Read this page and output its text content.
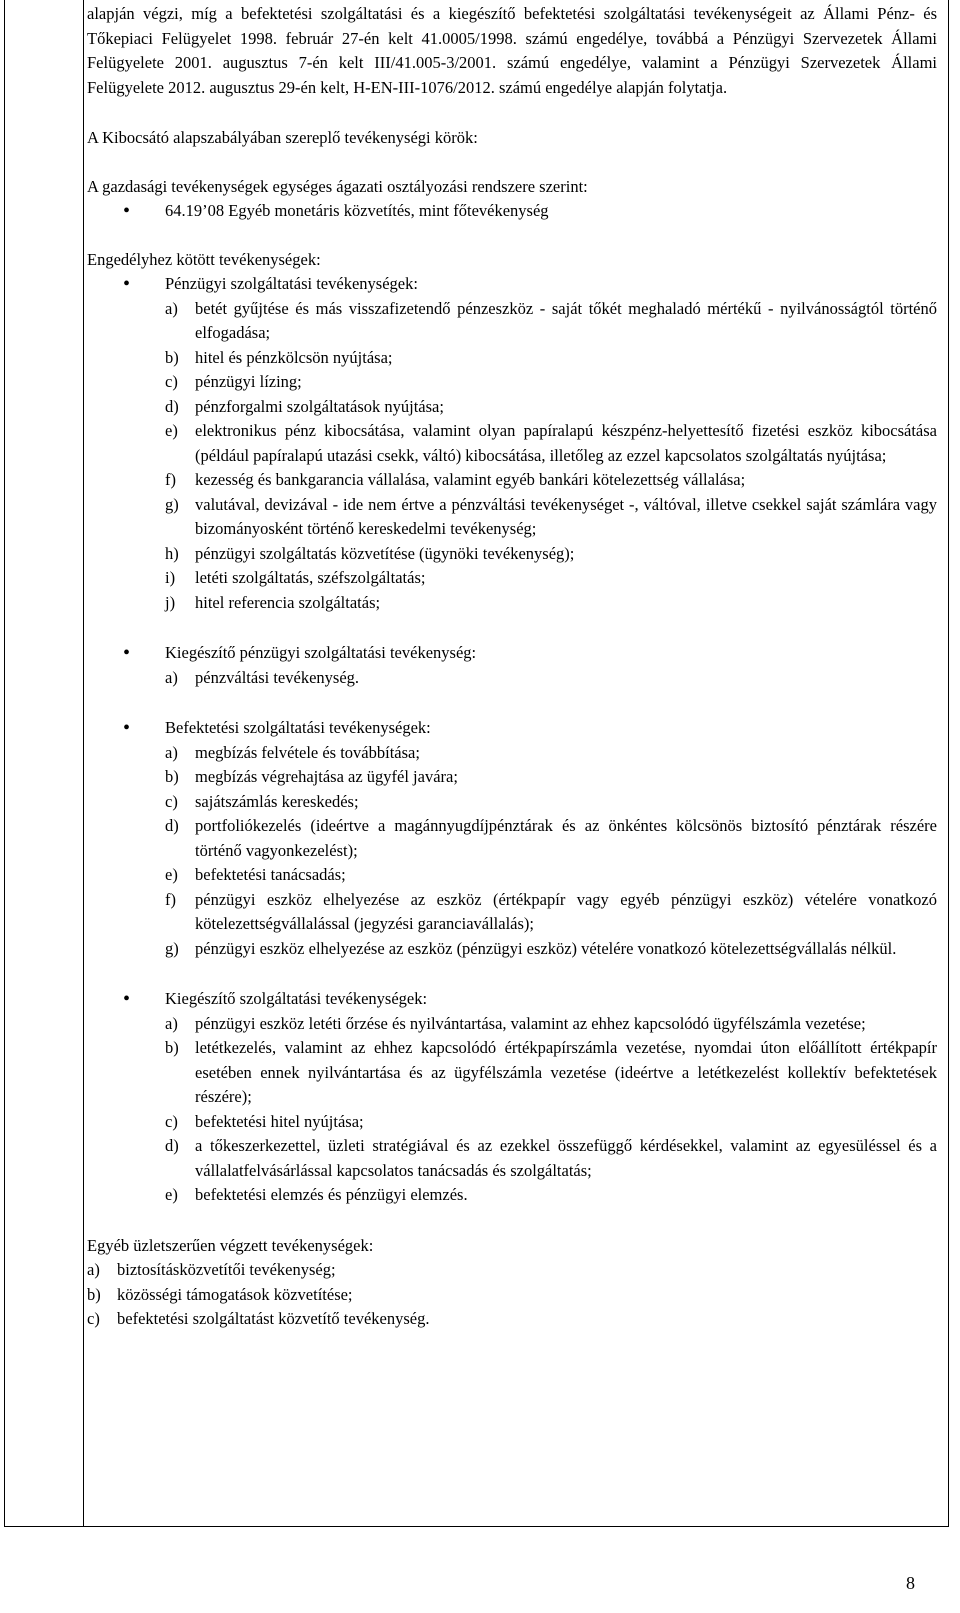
alapján végzi, míg a befektetési szolgáltatási és a kiegészítő befektetési szolgáltatási tevékenységeit az Állami Pénz- és Tőkepiaci Felügyelet 1998. február 27-én kelt 41.0005/1998. számú engedélye, továbbá a Pénzügyi Szervezetek Állami Felügyelete 2001. augusztus 7-én kelt III/41.005-3/2001. számú engedélye, valamint a Pénzügyi Szervezetek Állami Felügyelete 2012. augusztus 29-én kelt, H-EN-III-1076/2012. számú engedélye alapján folytatja.

A Kibocsátó alapszabályában szereplő tevékenységi körök:

A gazdasági tevékenységek egységes ágazati osztályozási rendszere szerint:

• 64.19’08 Egyéb monetáris közvetítés, mint főtevékenység

Engedélyhez kötött tevékenységek:

• Pénzügyi szolgáltatási tevékenységek:

a) betét gyűjtése és más visszafizetendő pénzeszköz - saját tőkét meghaladó mértékű - nyilvánosságtól történő elfogadása;
b) hitel és pénzkölcsön nyújtása;
c) pénzügyi lízing;
d) pénzforgalmi szolgáltatások nyújtása;
e) elektronikus pénz kibocsátása, valamint olyan papíralapú készpénz-helyettesítő fizetési eszköz kibocsátása (például papíralapú utazási csekk, váltó) kibocsátása, illetőleg az ezzel kapcsolatos szolgáltatás nyújtása;
f) kezesség és bankgarancia vállalása, valamint egyéb bankári kötelezettség vállalása;
g) valutával, devizával - ide nem értve a pénzváltási tevékenységet -, váltóval, illetve csekkel saját számlára vagy bizományosként történő kereskedelmi tevékenység;
h) pénzügyi szolgáltatás közvetítése (ügynöki tevékenység);
i) letéti szolgáltatás, széfszolgáltatás;
j) hitel referencia szolgáltatás;

• Kiegészítő pénzügyi szolgáltatási tevékenység:

a) pénzváltási tevékenység.

• Befektetési szolgáltatási tevékenységek:

a) megbízás felvétele és továbbítása;
b) megbízás végrehajtása az ügyfél javára;
c) sajátszámlás kereskedés;
d) portfoliókezelés (ideértve a magánnyugdíjpénztárak és az önkéntes kölcsönös biztosító pénztárak részére történő vagyonkezelést);
e) befektetési tanácsadás;
f) pénzügyi eszköz elhelyezése az eszköz (értékpapír vagy egyéb pénzügyi eszköz) vételére vonatkozó kötelezettségvállalással (jegyzési garanciavállalás);
g) pénzügyi eszköz elhelyezése az eszköz (pénzügyi eszköz) vételére vonatkozó kötelezettségvállalás nélkül.

• Kiegészítő szolgáltatási tevékenységek:

a) pénzügyi eszköz letéti őrzése és nyilvántartása, valamint az ehhez kapcsolódó ügyfélszámla vezetése;
b) letétkezelés, valamint az ehhez kapcsolódó értékpapírszámla vezetése, nyomdai úton előállított értékpapír esetében ennek nyilvántartása és az ügyfélszámla vezetése (ideértve a letétkezelést kollektív befektetések részére);
c) befektetési hitel nyújtása;
d) a tőkeszerkezettel, üzleti stratégiával és az ezekkel összefüggő kérdésekkel, valamint az egyesüléssel és a vállalatfelvásárlással kapcsolatos tanácsadás és szolgáltatás;
e) befektetési elemzés és pénzügyi elemzés.

Egyéb üzletszerűen végzett tevékenységek:

a) biztosításközvetítői tevékenység;
b) közösségi támogatások közvetítése;
c) befektetési szolgáltatást közvetítő tevékenység.
8
